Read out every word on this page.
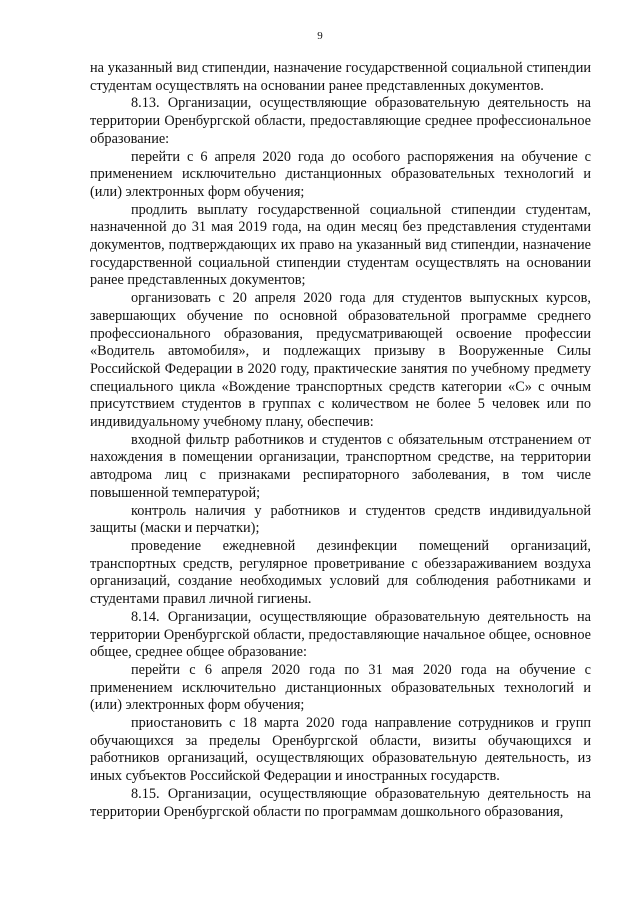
9

на указанный вид стипендии, назначение государственной социальной стипендии студентам осуществлять на основании ранее представленных документов.

8.13. Организации, осуществляющие образовательную деятельность на территории Оренбургской области, предоставляющие среднее профессиональное образование:

перейти с 6 апреля 2020 года до особого распоряжения на обучение с применением исключительно дистанционных образовательных технологий и (или) электронных форм обучения;

продлить выплату государственной социальной стипендии студентам, назначенной до 31 мая 2019 года, на один месяц без представления студентами документов, подтверждающих их право на указанный вид стипендии, назначение государственной социальной стипендии студентам осуществлять на основании ранее представленных документов;

организовать с 20 апреля 2020 года для студентов выпускных курсов, завершающих обучение по основной образовательной программе среднего профессионального образования, предусматривающей освоение профессии «Водитель автомобиля», и подлежащих призыву в Вооруженные Силы Российской Федерации в 2020 году, практические занятия по учебному предмету специального цикла «Вождение транспортных средств категории «С» с очным присутствием студентов в группах с количеством не более 5 человек или по индивидуальному учебному плану, обеспечив:

входной фильтр работников и студентов с обязательным отстранением от нахождения в помещении организации, транспортном средстве, на территории автодрома лиц с признаками респираторного заболевания, в том числе повышенной температурой;

контроль наличия у работников и студентов средств индивидуальной защиты (маски и перчатки);

проведение ежедневной дезинфекции помещений организаций, транспортных средств, регулярное проветривание с обеззараживанием воздуха организаций, создание необходимых условий для соблюдения работниками и студентами правил личной гигиены.

8.14. Организации, осуществляющие образовательную деятельность на территории Оренбургской области, предоставляющие начальное общее, основное общее, среднее общее образование:

перейти с 6 апреля 2020 года по 31 мая 2020 года на обучение с применением исключительно дистанционных образовательных технологий и (или) электронных форм обучения;

приостановить с 18 марта 2020 года направление сотрудников и групп обучающихся за пределы Оренбургской области, визиты обучающихся и работников организаций, осуществляющих образовательную деятельность, из иных субъектов Российской Федерации и иностранных государств.

8.15. Организации, осуществляющие образовательную деятельность на территории Оренбургской области по программам дошкольного образования,
